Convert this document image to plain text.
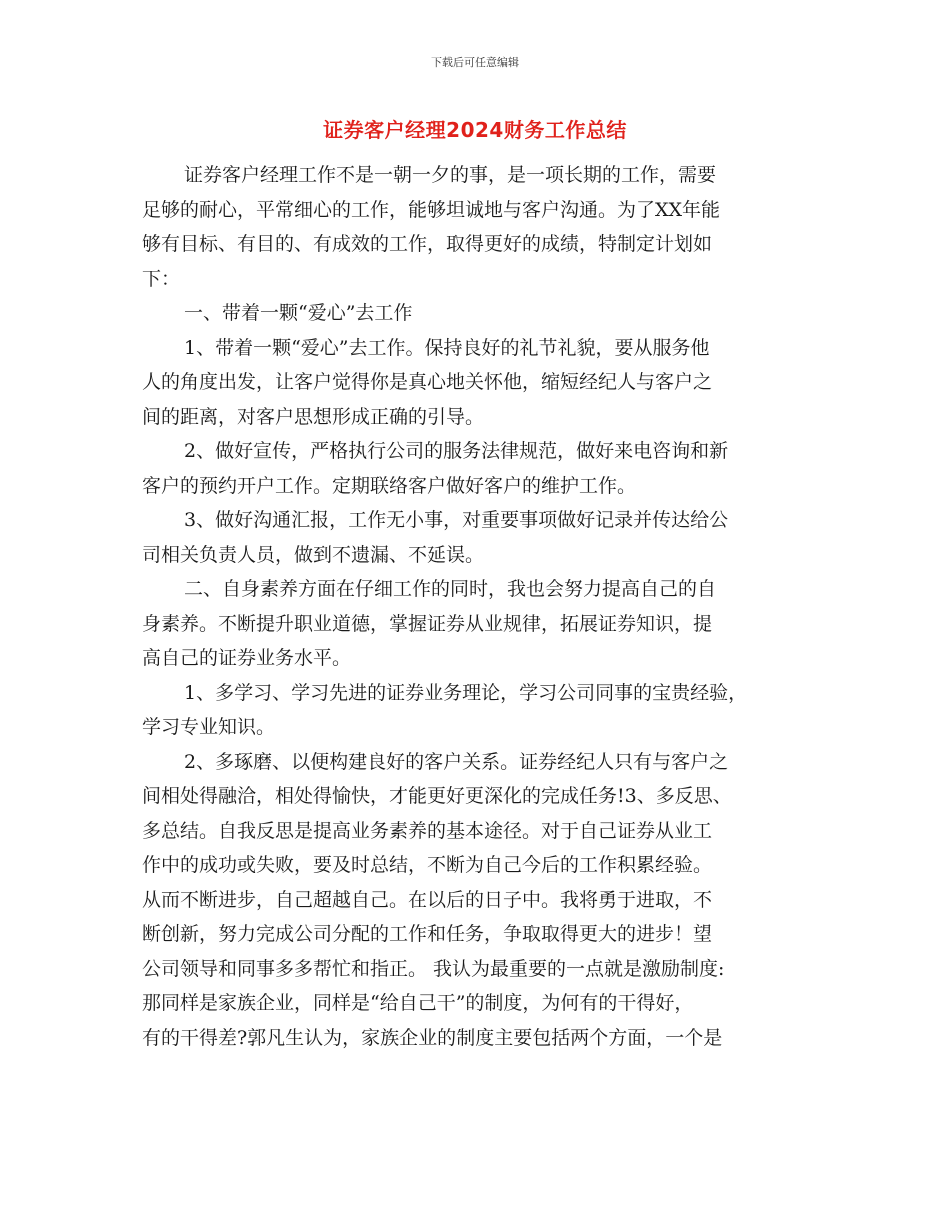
下载后可任意编辑
证券客户经理2024财务工作总结
证券客户经理工作不是一朝一夕的事，是一项长期的工作，需要
足够的耐心，平常细心的工作，能够坦诚地与客户沟通。为了XX年能
够有目标、有目的、有成效的工作，取得更好的成绩，特制定计划如
下：
一、带着一颗“爱心”去工作
1、带着一颗“爱心”去工作。保持良好的礼节礼貌，要从服务他
人的角度出发，让客户觉得你是真心地关怀他，缩短经纪人与客户之
间的距离，对客户思想形成正确的引导。
2、做好宣传，严格执行公司的服务法律规范，做好来电咨询和新
客户的预约开户工作。定期联络客户做好客户的维护工作。
3、做好沟通汇报，工作无小事，对重要事项做好记录并传达给公
司相关负责人员，做到不遗漏、不延误。
二、自身素养方面在仔细工作的同时，我也会努力提高自己的自
身素养。不断提升职业道德，掌握证券从业规律，拓展证券知识，提
高自己的证券业务水平。
1、多学习、学习先进的证券业务理论，学习公司同事的宝贵经验，
学习专业知识。
2、多琢磨、以便构建良好的客户关系。证券经纪人只有与客户之
间相处得融洽，相处得愉快，才能更好更深化的完成任务!3、多反思、
多总结。自我反思是提高业务素养的基本途径。对于自己证券从业工
作中的成功或失败，要及时总结，不断为自己今后的工作积累经验。
从而不断进步，自己超越自己。在以后的日子中。我将勇于进取，不
断创新，努力完成公司分配的工作和任务，争取取得更大的进步！望
公司领导和同事多多帮忙和指正。 我认为最重要的一点就是激励制度:
那同样是家族企业，同样是“给自己干”的制度，为何有的干得好，
有的干得差?郭凡生认为，家族企业的制度主要包括两个方面，一个是
